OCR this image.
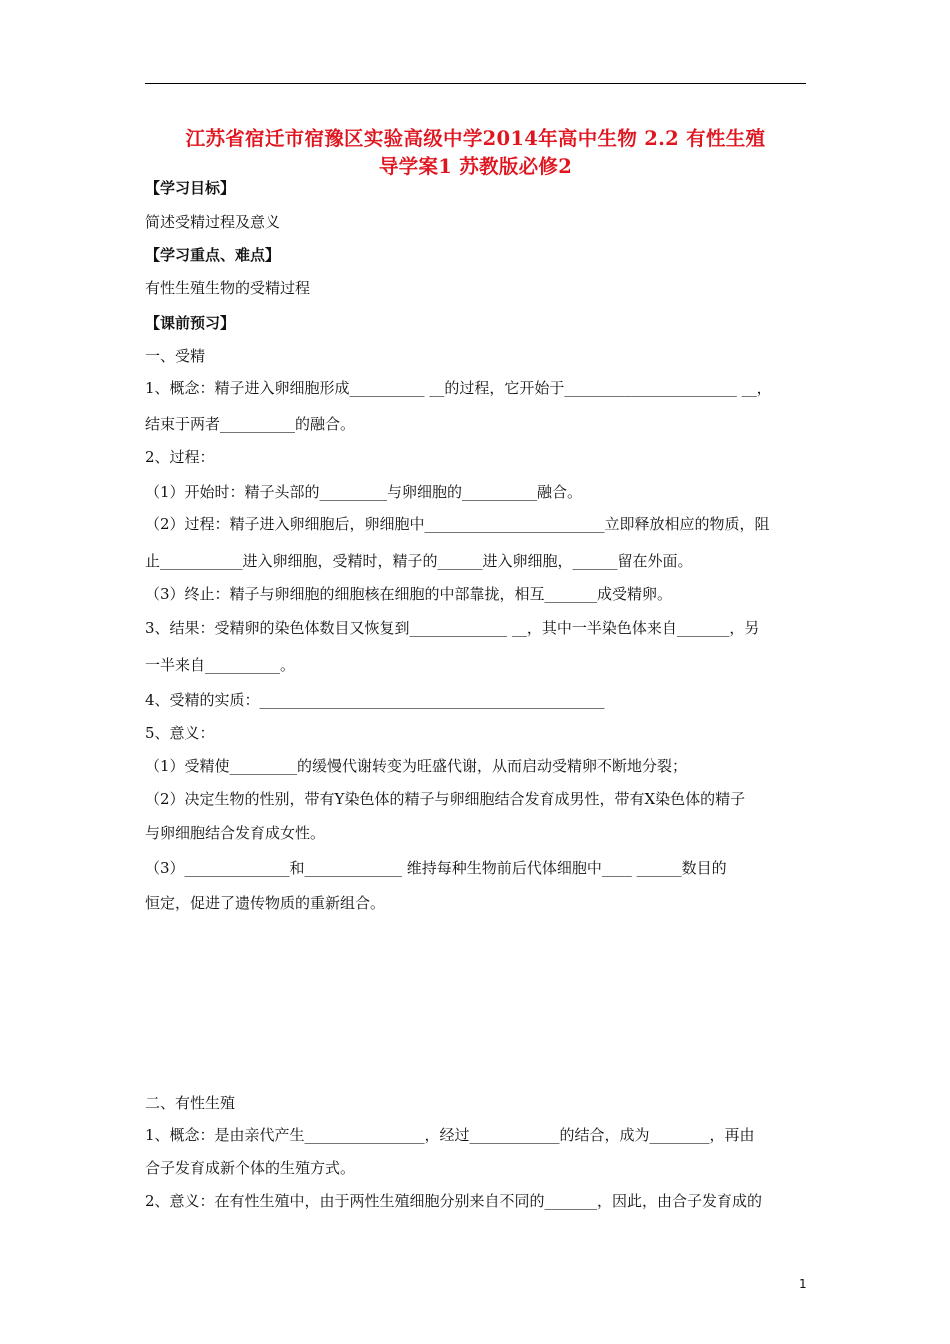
江苏省宿迁市宿豫区实验高级中学2014年高中生物 2.2 有性生殖
导学案1 苏教版必修2
【学习目标】
简述受精过程及意义
【学习重点、难点】
有性生殖生物的受精过程
【课前预习】
一、受精
1、概念：精子进入卵细胞形成__________ __的过程，它开始于_______________________ __，
结束于两者__________的融合。
2、过程：
（1）开始时：精子头部的_________与卵细胞的__________融合。
（2）过程：精子进入卵细胞后，卵细胞中________________________立即释放相应的物质，阻
止___________进入卵细胞，受精时，精子的______进入卵细胞，______留在外面。
（3）终止：精子与卵细胞的细胞核在细胞的中部靠拢，相互_______成受精卵。
3、结果：受精卵的染色体数目又恢复到_____________ __，其中一半染色体来自_______，另
一半来自__________。
4、受精的实质：______________________________________________
5、意义：
（1）受精使_________的缓慢代谢转变为旺盛代谢，从而启动受精卵不断地分裂；
（2）决定生物的性别，带有Y染色体的精子与卵细胞结合发育成男性，带有X染色体的精子
与卵细胞结合发育成女性。
（3）______________和_____________ 维持每种生物前后代体细胞中____ ______数目的
恒定，促进了遗传物质的重新组合。
二、有性生殖
1、概念：是由亲代产生________________，经过____________的结合，成为________，再由
合子发育成新个体的生殖方式。
2、意义：在有性生殖中，由于两性生殖细胞分别来自不同的_______，因此，由合子发育成的
1
